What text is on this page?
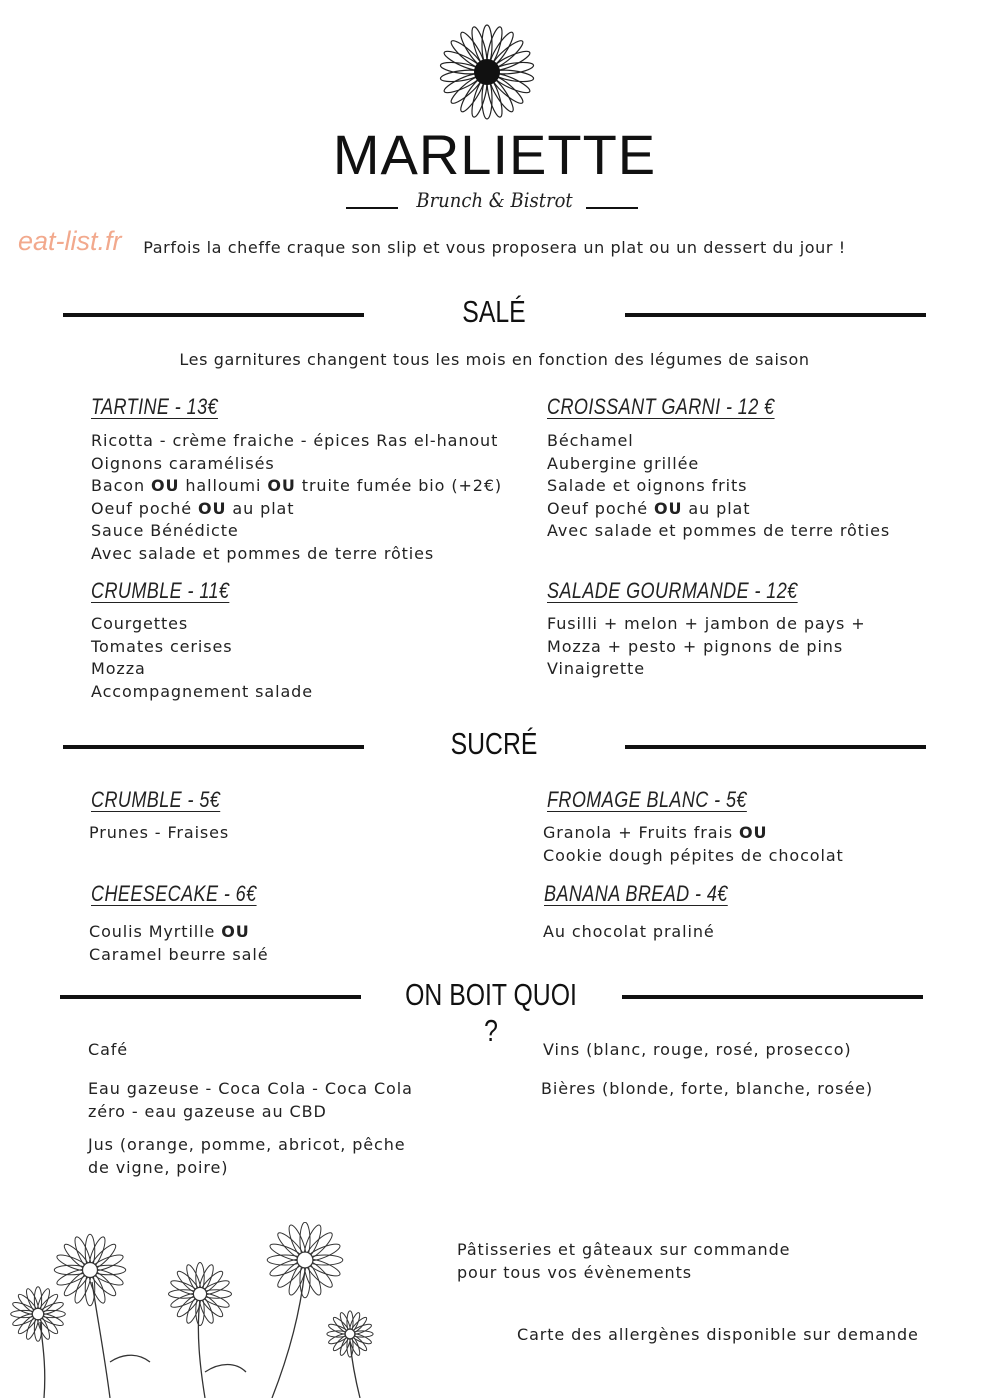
MARLIETTE
Brunch & Bistrot
Parfois la cheffe craque son slip et vous proposera un plat ou un dessert du jour !
eat-list.fr
SALÉ
Les garnitures changent tous les mois en fonction des légumes de saison
TARTINE - 13€
Ricotta - crème fraiche - épices Ras el-hanout
Oignons caramélisés
Bacon OU halloumi OU truite fumée bio (+2€)
Oeuf poché OU au plat
Sauce Bénédicte
Avec salade et pommes de terre rôties
CROISSANT GARNI - 12 €
Béchamel
Aubergine grillée
Salade et oignons frits
Oeuf poché OU au plat
Avec salade et pommes de terre rôties
CRUMBLE - 11€
Courgettes
Tomates cerises
Mozza
Accompagnement salade
SALADE GOURMANDE - 12€
Fusilli + melon + jambon de pays +
Mozza + pesto + pignons de pins
Vinaigrette
SUCRÉ
CRUMBLE - 5€
Prunes - Fraises
FROMAGE BLANC - 5€
Granola + Fruits frais OU
Cookie dough pépites de chocolat
CHEESECAKE - 6€
Coulis Myrtille OU
Caramel beurre salé
BANANA BREAD - 4€
Au chocolat praliné
ON BOIT QUOI ?
Café
Eau gazeuse - Coca Cola - Coca Cola zéro - eau gazeuse au CBD
Jus (orange, pomme, abricot, pêche de vigne, poire)
Vins (blanc, rouge, rosé, prosecco)
Bières (blonde, forte, blanche, rosée)
Pâtisseries et gâteaux sur commande
pour tous vos évènements
Carte des allergènes disponible sur demande
